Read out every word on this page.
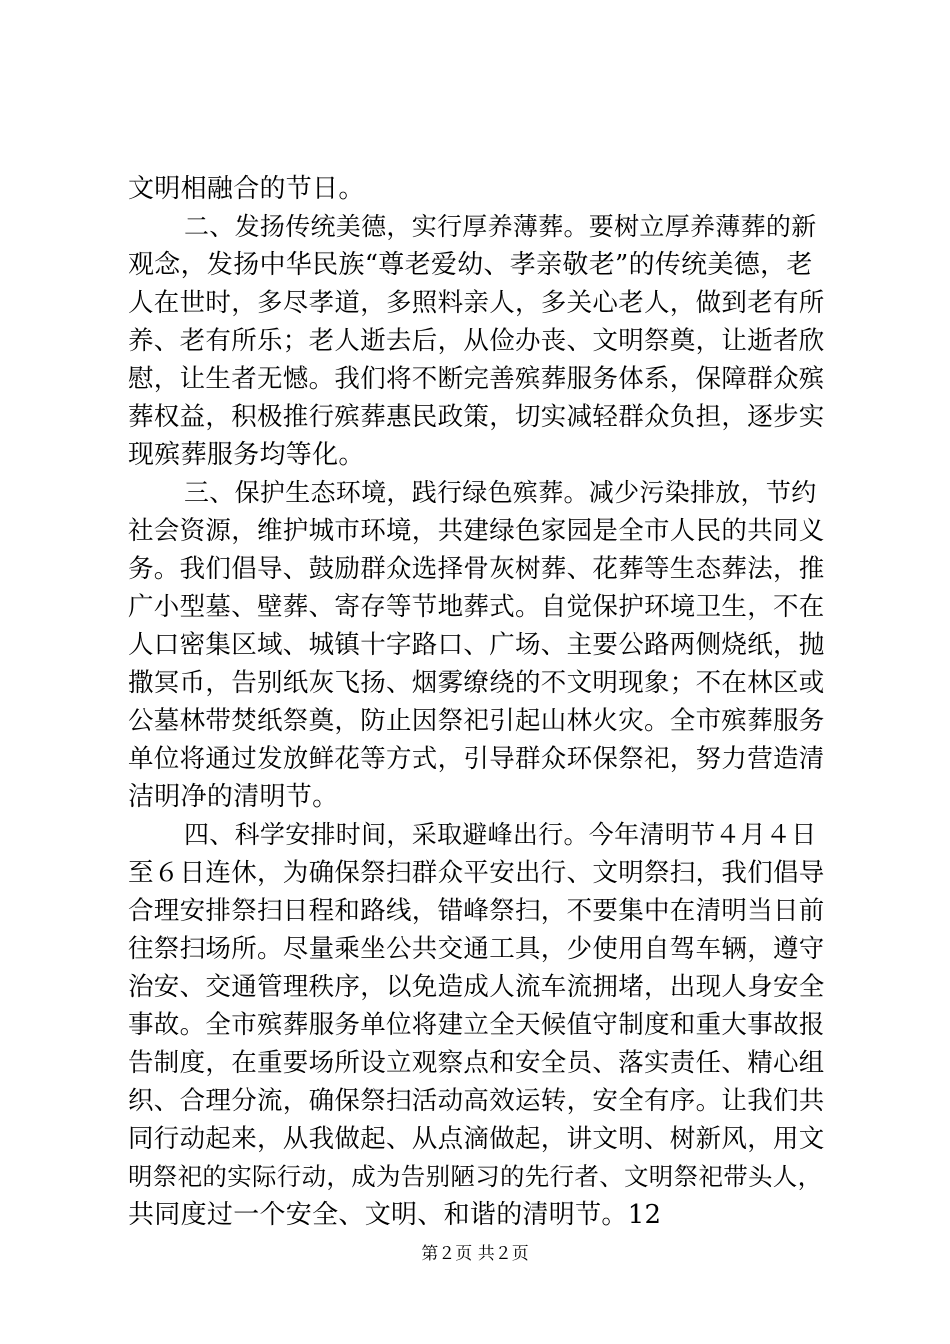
文明相融合的节日。
二、发扬传统美德，实行厚养薄葬。要树立厚养薄葬的新
观念，发扬中华民族“尊老爱幼、孝亲敬老”的传统美德，老
人在世时，多尽孝道，多照料亲人，多关心老人，做到老有所
养、老有所乐；老人逝去后，从俭办丧、文明祭奠，让逝者欣
慰，让生者无憾。我们将不断完善殡葬服务体系，保障群众殡
葬权益，积极推行殡葬惠民政策，切实减轻群众负担，逐步实
现殡葬服务均等化。
三、保护生态环境，践行绿色殡葬。减少污染排放，节约
社会资源，维护城市环境，共建绿色家园是全市人民的共同义
务。我们倡导、鼓励群众选择骨灰树葬、花葬等生态葬法，推
广小型墓、壁葬、寄存等节地葬式。自觉保护环境卫生，不在
人口密集区域、城镇十字路口、广场、主要公路两侧烧纸，抛
撒冥币，告别纸灰飞扬、烟雾缭绕的不文明现象；不在林区或
公墓林带焚纸祭奠，防止因祭祀引起山林火灾。全市殡葬服务
单位将通过发放鲜花等方式，引导群众环保祭祀，努力营造清
洁明净的清明节。
四、科学安排时间，采取避峰出行。今年清明节４月４日
至６日连休，为确保祭扫群众平安出行、文明祭扫，我们倡导
合理安排祭扫日程和路线，错峰祭扫，不要集中在清明当日前
往祭扫场所。尽量乘坐公共交通工具，少使用自驾车辆，遵守
治安、交通管理秩序，以免造成人流车流拥堵，出现人身安全
事故。全市殡葬服务单位将建立全天候值守制度和重大事故报
告制度，在重要场所设立观察点和安全员、落实责任、精心组
织、合理分流，确保祭扫活动高效运转，安全有序。让我们共
同行动起来，从我做起、从点滴做起，讲文明、树新风，用文
明祭祀的实际行动，成为告别陋习的先行者、文明祭祀带头人，
共同度过一个安全、文明、和谐的清明节。12
第２页 共２页
